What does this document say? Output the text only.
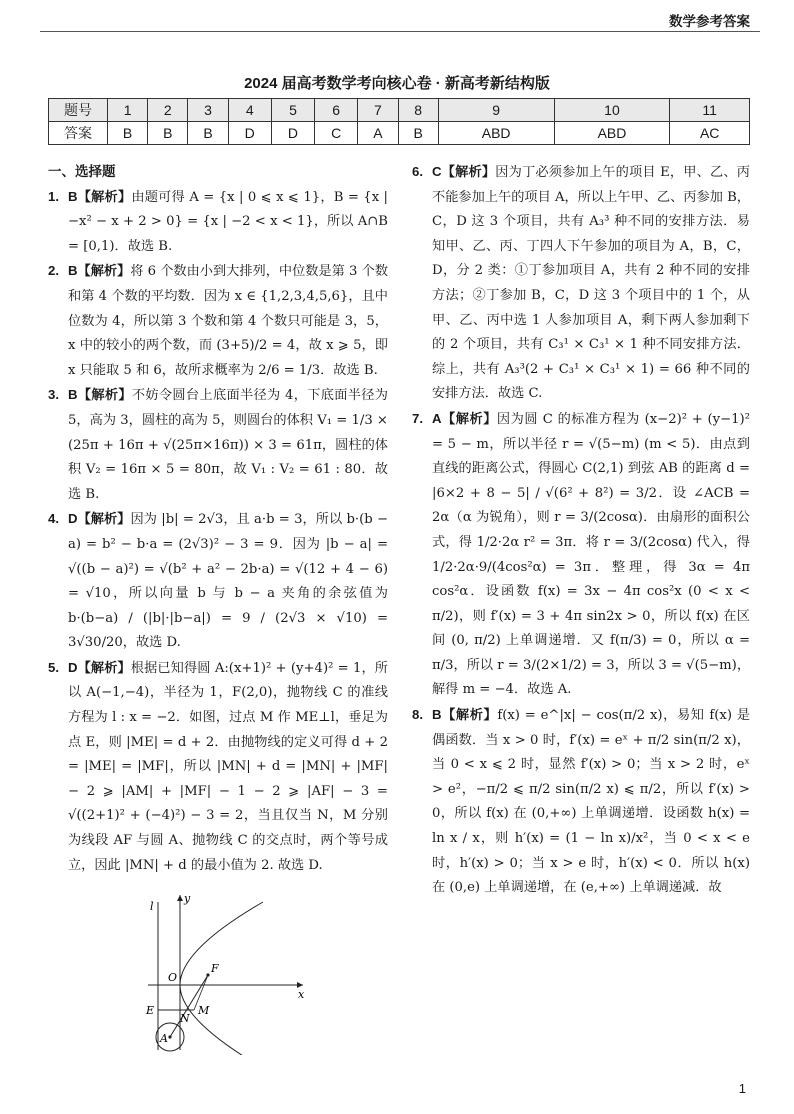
数学参考答案
2024 届高考数学考向核心卷 · 新高考新结构版
题号	1	2	3	4	5	6	7	8	9	10	11
答案	B	B	B	D	D	C	A	B	ABD	ABD	AC
一、选择题
1. B【解析】由题可得 A = {x | 0 ⩽ x ⩽ 1}，B = {x | −x² − x + 2 > 0} = {x | −2 < x < 1}，所以 A∩B = [0,1)．故选 B.
2. B【解析】将 6 个数由小到大排列，中位数是第 3 个数和第 4 个数的平均数．因为 x ∈ {1,2,3,4,5,6}，且中位数为 4，所以第 3 个数和第 4 个数只可能是 3，5，x 中的较小的两个数，而 (3+5)/2 = 4，故 x ⩾ 5，即 x 只能取 5 和 6，故所求概率为 2/6 = 1/3．故选 B.
3. B【解析】不妨令圆台上底面半径为 4，下底面半径为 5，高为 3，圆柱的高为 5，则圆台的体积 V₁ = 1/3 × (25π + 16π + √(25π×16π)) × 3 = 61π，圆柱的体积 V₂ = 16π × 5 = 80π，故 V₁ : V₂ = 61 : 80．故选 B.
4. D【解析】因为 |b| = 2√3，且 a·b = 3，所以 b·(b − a) = b² − b·a = (2√3)² − 3 = 9．因为 |b − a| = √((b − a)²) = √(b² + a² − 2b·a) = √(12 + 4 − 6) = √10，所以向量 b 与 b − a 夹角的余弦值为 b·(b−a) / (|b|·|b−a|) = 9 / (2√3 × √10) = 3√30/20，故选 D.
5. D【解析】根据已知得圆 A:(x+1)² + (y+4)² = 1，所以 A(−1,−4)，半径为 1，F(2,0)，抛物线 C 的准线方程为 l : x = −2．如图，过点 M 作 ME⊥l，垂足为点 E，则 |ME| = d + 2．由抛物线的定义可得 d + 2 = |ME| = |MF|，所以 |MN| + d = |MN| + |MF| − 2 ⩾ |AM| + |MF| − 1 − 2 ⩾ |AF| − 3 = √((2+1)² + (−4)²) − 3 = 2，当且仅当 N，M 分别为线段 AF 与圆 A、抛物线 C 的交点时，两个等号成立，因此 |MN| + d 的最小值为 2. 故选 D.
l
y
x
O
F
E
N
M
A
6. C【解析】因为丁必须参加上午的项目 E，甲、乙、丙不能参加上午的项目 A，所以上午甲、乙、丙参加 B，C，D 这 3 个项目，共有 A₃³ 种不同的安排方法．易知甲、乙、丙、丁四人下午参加的项目为 A，B，C，D，分 2 类：①丁参加项目 A，共有 2 种不同的安排方法；②丁参加 B，C，D 这 3 个项目中的 1 个，从甲、乙、丙中选 1 人参加项目 A，剩下两人参加剩下的 2 个项目，共有 C₃¹ × C₃¹ × 1 种不同安排方法．综上，共有 A₃³(2 + C₃¹ × C₃¹ × 1) = 66 种不同的安排方法．故选 C.
7. A【解析】因为圆 C 的标准方程为 (x−2)² + (y−1)² = 5 − m，所以半径 r = √(5−m) (m < 5)．由点到直线的距离公式，得圆心 C(2,1) 到弦 AB 的距离 d = |6×2 + 8 − 5| / √(6² + 8²) = 3/2．设 ∠ACB = 2α（α 为锐角），则 r = 3/(2cosα)．由扇形的面积公式，得 1/2·2α r² = 3π．将 r = 3/(2cosα) 代入，得 1/2·2α·9/(4cos²α) = 3π．整理，得 3α = 4π cos²α．设函数 f(x) = 3x − 4π cos²x (0 < x < π/2)，则 f′(x) = 3 + 4π sin2x > 0，所以 f(x) 在区间 (0, π/2) 上单调递增．又 f(π/3) = 0，所以 α = π/3，所以 r = 3/(2×1/2) = 3，所以 3 = √(5−m)，解得 m = −4．故选 A.
8. B【解析】f(x) = e^|x| − cos(π/2 x)，易知 f(x) 是偶函数．当 x > 0 时，f′(x) = eˣ + π/2 sin(π/2 x)，当 0 < x ⩽ 2 时，显然 f′(x) > 0；当 x > 2 时，eˣ > e²，−π/2 ⩽ π/2 sin(π/2 x) ⩽ π/2，所以 f′(x) > 0，所以 f(x) 在 (0,+∞) 上单调递增．设函数 h(x) = ln x / x，则 h′(x) = (1 − ln x)/x²，当 0 < x < e 时，h′(x) > 0；当 x > e 时，h′(x) < 0．所以 h(x) 在 (0,e) 上单调递增，在 (e,+∞) 上单调递减．故
1
